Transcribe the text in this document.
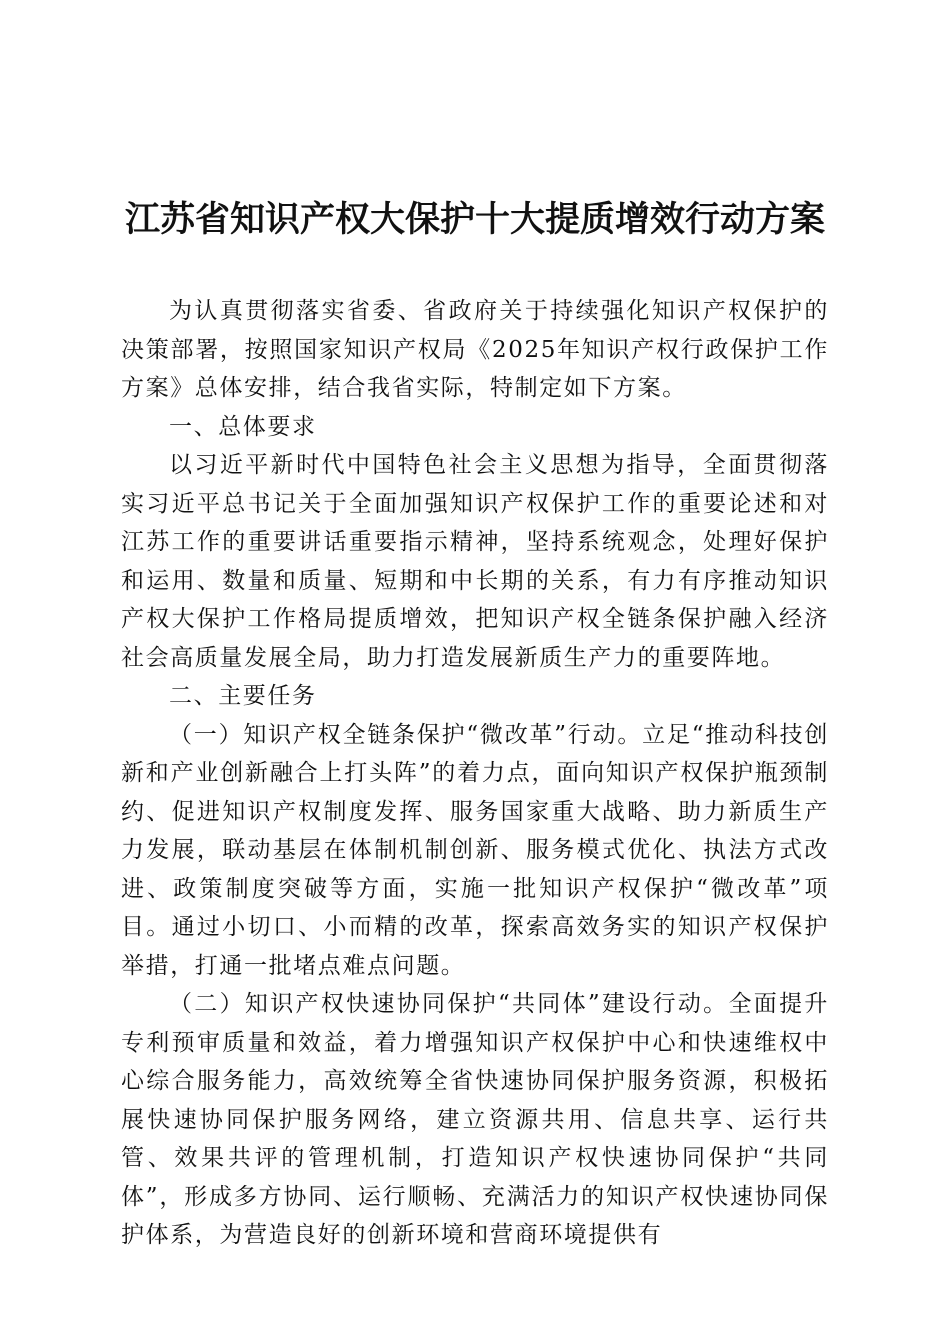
江苏省知识产权大保护十大提质增效行动方案

为认真贯彻落实省委、省政府关于持续强化知识产权保护的决策部署，按照国家知识产权局《2025年知识产权行政保护工作方案》总体安排，结合我省实际，特制定如下方案。

一、总体要求

以习近平新时代中国特色社会主义思想为指导，全面贯彻落实习近平总书记关于全面加强知识产权保护工作的重要论述和对江苏工作的重要讲话重要指示精神，坚持系统观念，处理好保护和运用、数量和质量、短期和中长期的关系，有力有序推动知识产权大保护工作格局提质增效，把知识产权全链条保护融入经济社会高质量发展全局，助力打造发展新质生产力的重要阵地。

二、主要任务

（一）知识产权全链条保护“微改革”行动。立足“推动科技创新和产业创新融合上打头阵”的着力点，面向知识产权保护瓶颈制约、促进知识产权制度发挥、服务国家重大战略、助力新质生产力发展，联动基层在体制机制创新、服务模式优化、执法方式改进、政策制度突破等方面，实施一批知识产权保护“微改革”项目。通过小切口、小而精的改革，探索高效务实的知识产权保护举措，打通一批堵点难点问题。

（二）知识产权快速协同保护“共同体”建设行动。全面提升专利预审质量和效益，着力增强知识产权保护中心和快速维权中心综合服务能力，高效统筹全省快速协同保护服务资源，积极拓展快速协同保护服务网络，建立资源共用、信息共享、运行共管、效果共评的管理机制，打造知识产权快速协同保护“共同体”，形成多方协同、运行顺畅、充满活力的知识产权快速协同保护体系，为营造良好的创新环境和营商环境提供有
